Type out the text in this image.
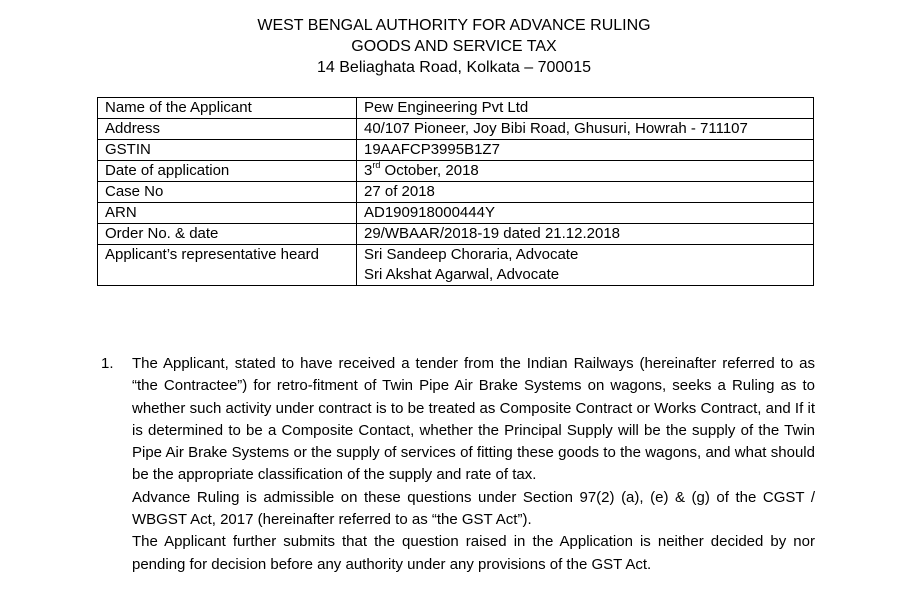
WEST BENGAL AUTHORITY FOR ADVANCE RULING
GOODS AND SERVICE TAX
14 Beliaghata Road, Kolkata – 700015
Name of the Applicant	Pew Engineering Pvt Ltd
Address	40/107 Pioneer, Joy Bibi Road, Ghusuri, Howrah - 711107
GSTIN	19AAFCP3995B1Z7
Date of application	3rd October, 2018
Case No	27 of 2018
ARN	AD190918000444Y
Order No. & date	29/WBAAR/2018-19 dated 21.12.2018
Applicant’s representative heard	Sri Sandeep Choraria, Advocate
Sri Akshat Agarwal, Advocate
1. The Applicant, stated to have received a tender from the Indian Railways (hereinafter referred to as “the Contractee”) for retro-fitment of Twin Pipe Air Brake Systems on wagons, seeks a Ruling as to whether such activity under contract is to be treated as Composite Contract or Works Contract, and If it is determined to be a Composite Contact, whether the Principal Supply will be the supply of the Twin Pipe Air Brake Systems or the supply of services of fitting these goods to the wagons, and what should be the appropriate classification of the supply and rate of tax.

Advance Ruling is admissible on these questions under Section 97(2) (a), (e) & (g) of the CGST / WBGST Act, 2017 (hereinafter referred to as “the GST Act”).

The Applicant further submits that the question raised in the Application is neither decided by nor pending for decision before any authority under any provisions of the GST Act.
